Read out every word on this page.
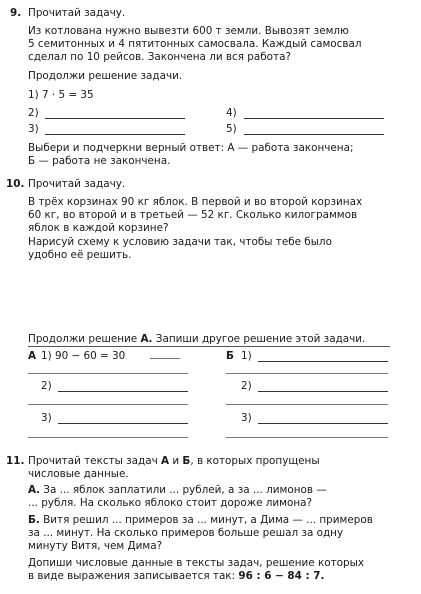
9. Прочитай задачу.

Из котлована нужно вывезти 600 т земли. Вывозят землю

5 семитонных и 4 пятитонных самосвала. Каждый самосвал

сделал по 10 рейсов. Закончена ли вся работа?

Продолжи решение задачи.

1) 7 · 5 = 35
2)
3)
4)
5)

Выбери и подчеркни верный ответ: А — работа закончена;

Б — работа не закончена.

10. Прочитай задачу.

В трёх корзинах 90 кг яблок. В первой и во второй корзинах

60 кг, во второй и в третьей — 52 кг. Сколько килограммов

яблок в каждой корзине?

Нарисуй схему к условию задачи так, чтобы тебе было

удобно её решить.

Продолжи решение А. Запиши другое решение этой задачи.

А 1) 90 − 60 = 30
2)
3)
Б 1)
2)
3)
11. Прочитай тексты задач А и Б, в которых пропущены

числовые данные.

А. За ... яблок заплатили ... рублей, а за ... лимонов —

... рубля. На сколько яблоко стоит дороже лимона?

Б. Витя решил ... примеров за ... минут, а Дима — ... примеров

за ... минут. На сколько примеров больше решал за одну

минуту Витя, чем Дима?

Допиши числовые данные в тексты задач, решение которых

в виде выражения записывается так: 96 : 6 − 84 : 7.
